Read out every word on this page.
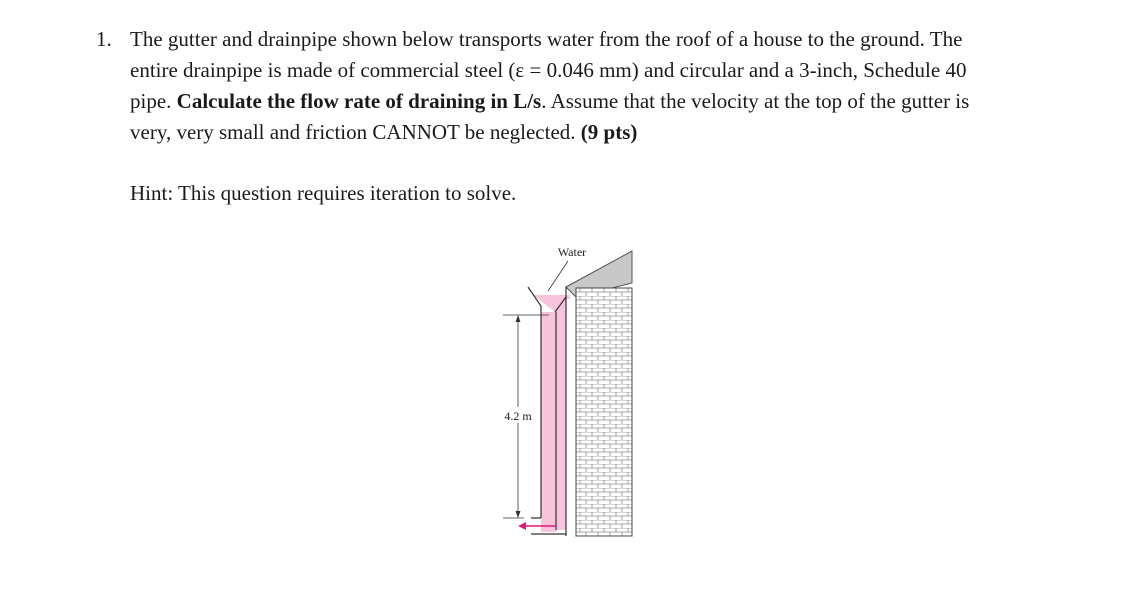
1. The gutter and drainpipe shown below transports water from the roof of a house to the ground. The
entire drainpipe is made of commercial steel (ε = 0.046 mm) and circular and a 3-inch, Schedule 40
pipe. Calculate the flow rate of draining in L/s. Assume that the velocity at the top of the gutter is
very, very small and friction CANNOT be neglected. (9 pts)
Hint: This question requires iteration to solve.
4.2 m
Water
